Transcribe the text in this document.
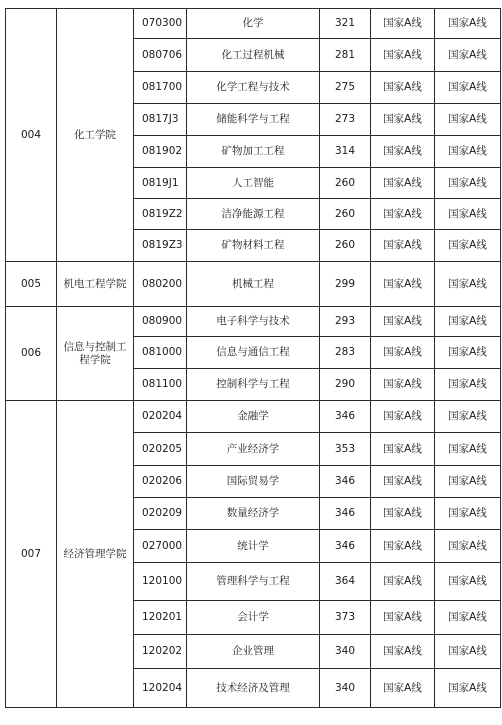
004	化工学院	070300	化学	321	国家A线	国家A线
		080706	化工过程机械	281	国家A线	国家A线
		081700	化学工程与技术	275	国家A线	国家A线
		0817J3	储能科学与工程	273	国家A线	国家A线
		081902	矿物加工工程	314	国家A线	国家A线
		0819J1	人工智能	260	国家A线	国家A线
		0819Z2	洁净能源工程	260	国家A线	国家A线
		0819Z3	矿物材料工程	260	国家A线	国家A线
005	机电工程学院	080200	机械工程	299	国家A线	国家A线
006	信息与控制工程学院	080900	电子科学与技术	293	国家A线	国家A线
		081000	信息与通信工程	283	国家A线	国家A线
		081100	控制科学与工程	290	国家A线	国家A线
007	经济管理学院	020204	金融学	346	国家A线	国家A线
		020205	产业经济学	353	国家A线	国家A线
		020206	国际贸易学	346	国家A线	国家A线
		020209	数量经济学	346	国家A线	国家A线
		027000	统计学	346	国家A线	国家A线
		120100	管理科学与工程	364	国家A线	国家A线
		120201	会计学	373	国家A线	国家A线
		120202	企业管理	340	国家A线	国家A线
		120204	技术经济及管理	340	国家A线	国家A线
